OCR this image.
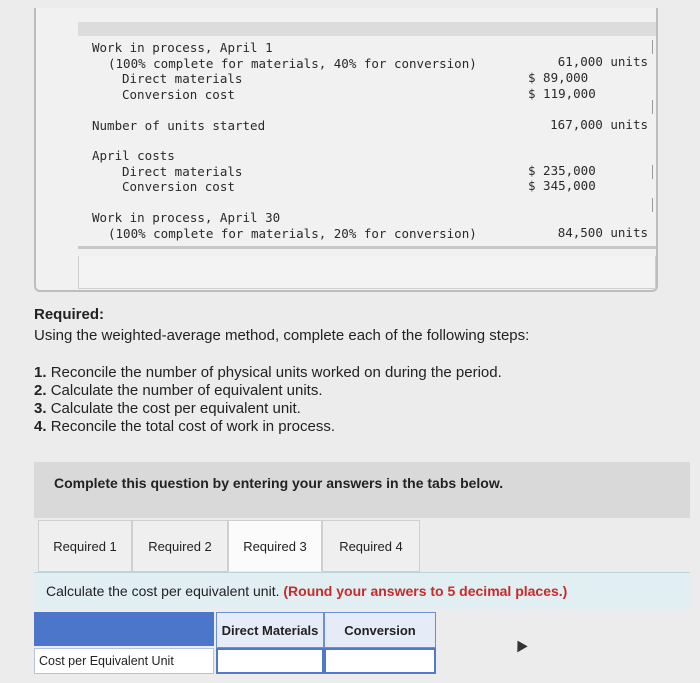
Work in process, April 1
(100% complete for materials, 40% for conversion)	61,000 units
Direct materials	$ 89,000
Conversion cost	$ 119,000
Number of units started	167,000 units
April costs
Direct materials	$ 235,000
Conversion cost	$ 345,000
Work in process, April 30
(100% complete for materials, 20% for conversion)	84,500 units
Required:
Using the weighted-average method, complete each of the following steps:
1. Reconcile the number of physical units worked on during the period.
2. Calculate the number of equivalent units.
3. Calculate the cost per equivalent unit.
4. Reconcile the total cost of work in process.
Complete this question by entering your answers in the tabs below.
Required 1	Required 2	Required 3	Required 4
Calculate the cost per equivalent unit. (Round your answers to 5 decimal places.)
Direct Materials	Conversion
Cost per Equivalent Unit
